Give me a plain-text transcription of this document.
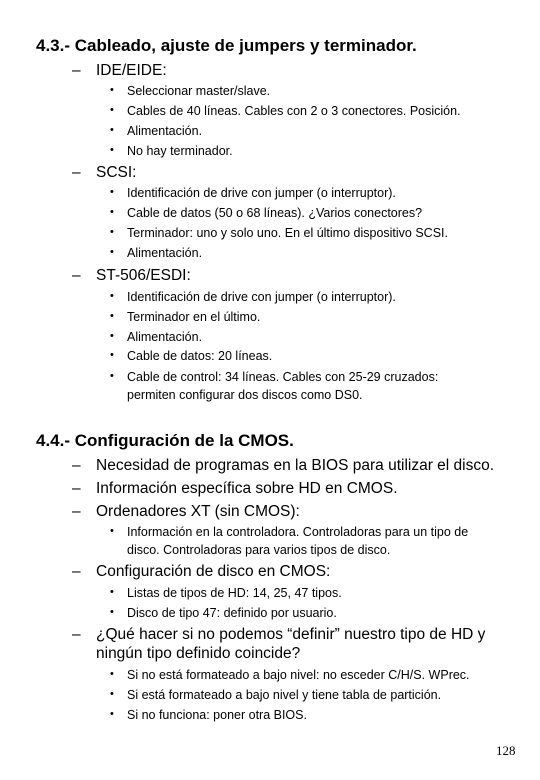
4.3.- Cableado, ajuste de jumpers y terminador.
– IDE/EIDE:
• Seleccionar master/slave.
• Cables de 40 líneas. Cables con 2 o 3 conectores. Posición.
• Alimentación.
• No hay terminador.
– SCSI:
• Identificación de drive con jumper (o interruptor).
• Cable de datos (50 o 68 líneas). ¿Varios conectores?
• Terminador: uno y solo uno. En el último dispositivo SCSI.
• Alimentación.
– ST-506/ESDI:
• Identificación de drive con jumper (o interruptor).
• Terminador en el último.
• Alimentación.
• Cable de datos: 20 líneas.
• Cable de control: 34 líneas. Cables con 25-29 cruzados:
permiten configurar dos discos como DS0.
4.4.- Configuración de la CMOS.
– Necesidad de programas en la BIOS para utilizar el disco.
– Información específica sobre HD en CMOS.
– Ordenadores XT (sin CMOS):
• Información en la controladora. Controladoras para un tipo de
disco. Controladoras para varios tipos de disco.
– Configuración de disco en CMOS:
• Listas de tipos de HD: 14, 25, 47 tipos.
• Disco de tipo 47: definido por usuario.
– ¿Qué hacer si no podemos “definir” nuestro tipo de HD y
ningún tipo definido coincide?
• Si no está formateado a bajo nivel: no esceder C/H/S. WPrec.
• Si está formateado a bajo nivel y tiene tabla de partición.
• Si no funciona: poner otra BIOS.
128
